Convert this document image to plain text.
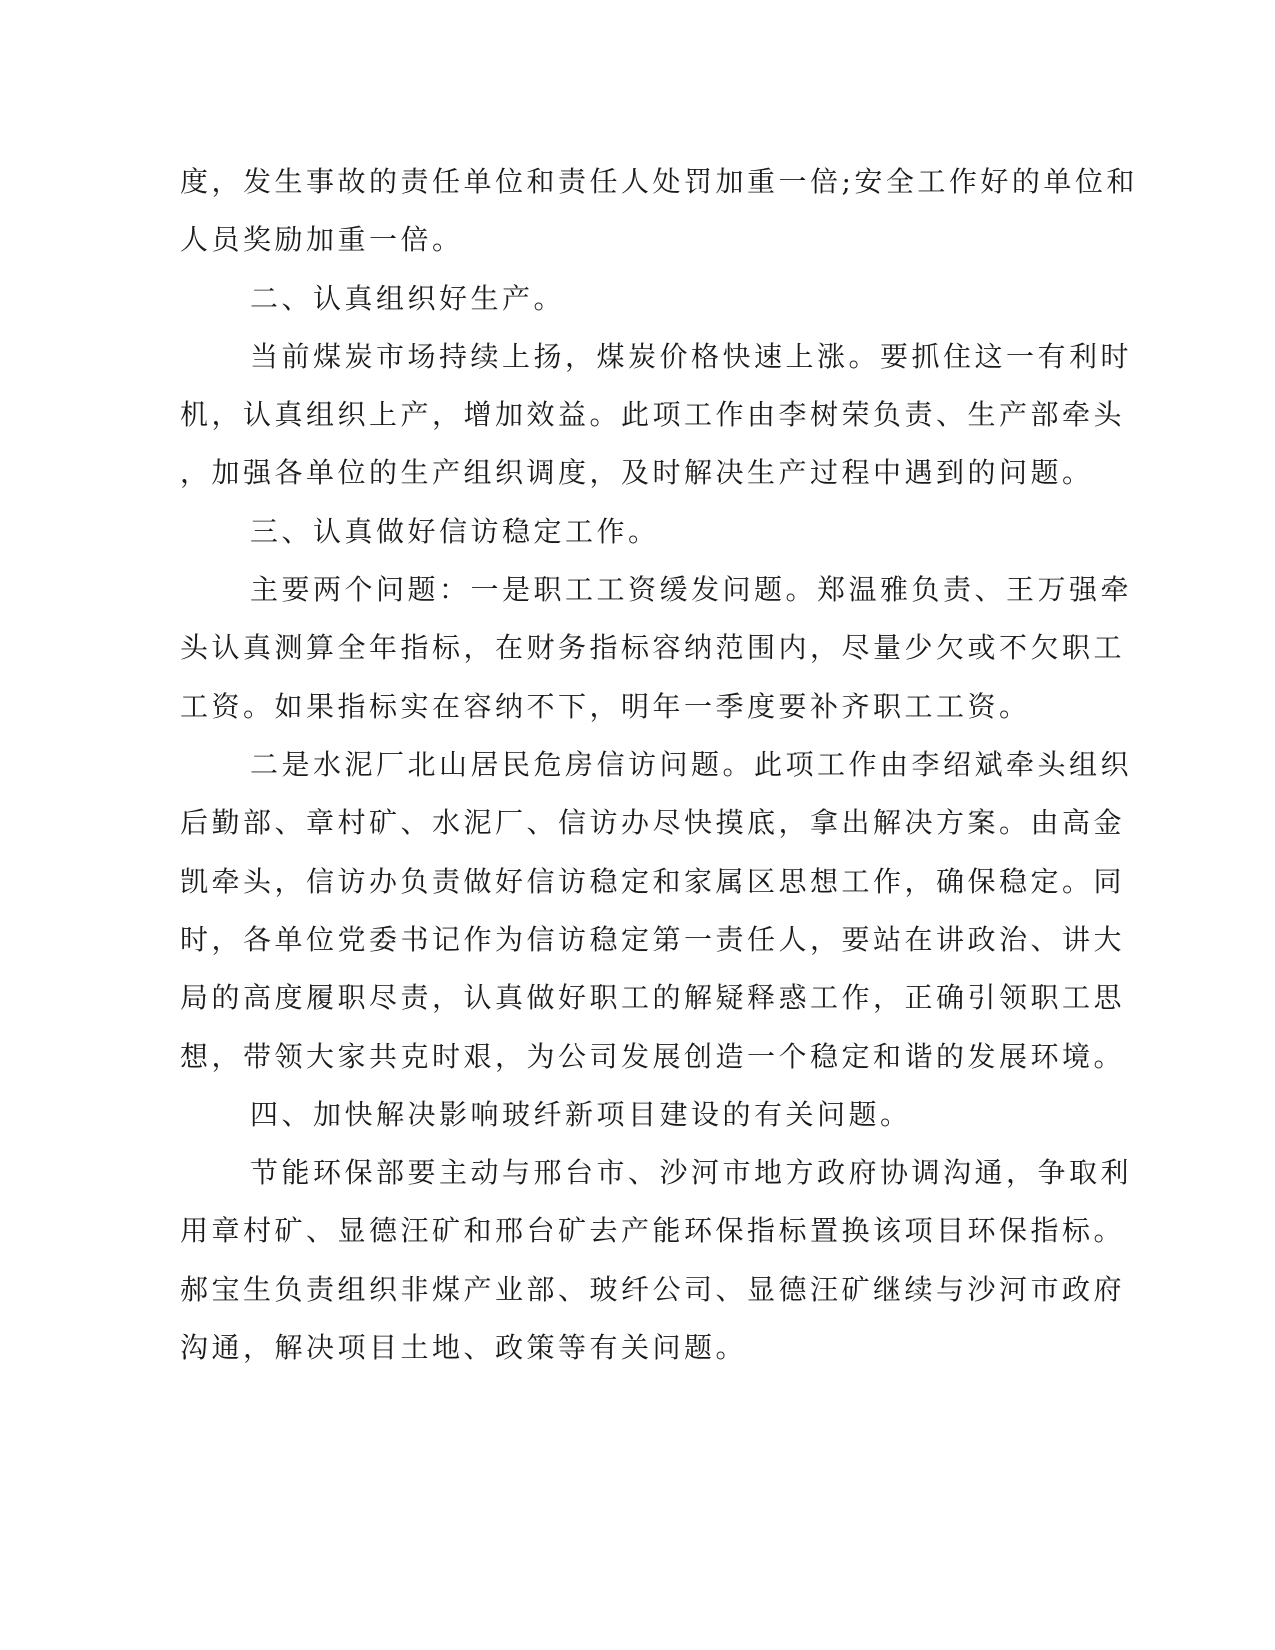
度，发生事故的责任单位和责任人处罚加重一倍;安全工作好的单位和

人员奖励加重一倍。

二、认真组织好生产。

当前煤炭市场持续上扬，煤炭价格快速上涨。要抓住这一有利时

机，认真组织上产，增加效益。此项工作由李树荣负责、生产部牵头

，加强各单位的生产组织调度，及时解决生产过程中遇到的问题。

三、认真做好信访稳定工作。

主要两个问题：一是职工工资缓发问题。郑温雅负责、王万强牵

头认真测算全年指标，在财务指标容纳范围内，尽量少欠或不欠职工

工资。如果指标实在容纳不下，明年一季度要补齐职工工资。

二是水泥厂北山居民危房信访问题。此项工作由李绍斌牵头组织

后勤部、章村矿、水泥厂、信访办尽快摸底，拿出解决方案。由高金

凯牵头，信访办负责做好信访稳定和家属区思想工作，确保稳定。同

时，各单位党委书记作为信访稳定第一责任人，要站在讲政治、讲大

局的高度履职尽责，认真做好职工的解疑释惑工作，正确引领职工思

想，带领大家共克时艰，为公司发展创造一个稳定和谐的发展环境。

四、加快解决影响玻纤新项目建设的有关问题。

节能环保部要主动与邢台市、沙河市地方政府协调沟通，争取利

用章村矿、显德汪矿和邢台矿去产能环保指标置换该项目环保指标。

郝宝生负责组织非煤产业部、玻纤公司、显德汪矿继续与沙河市政府

沟通，解决项目土地、政策等有关问题。
